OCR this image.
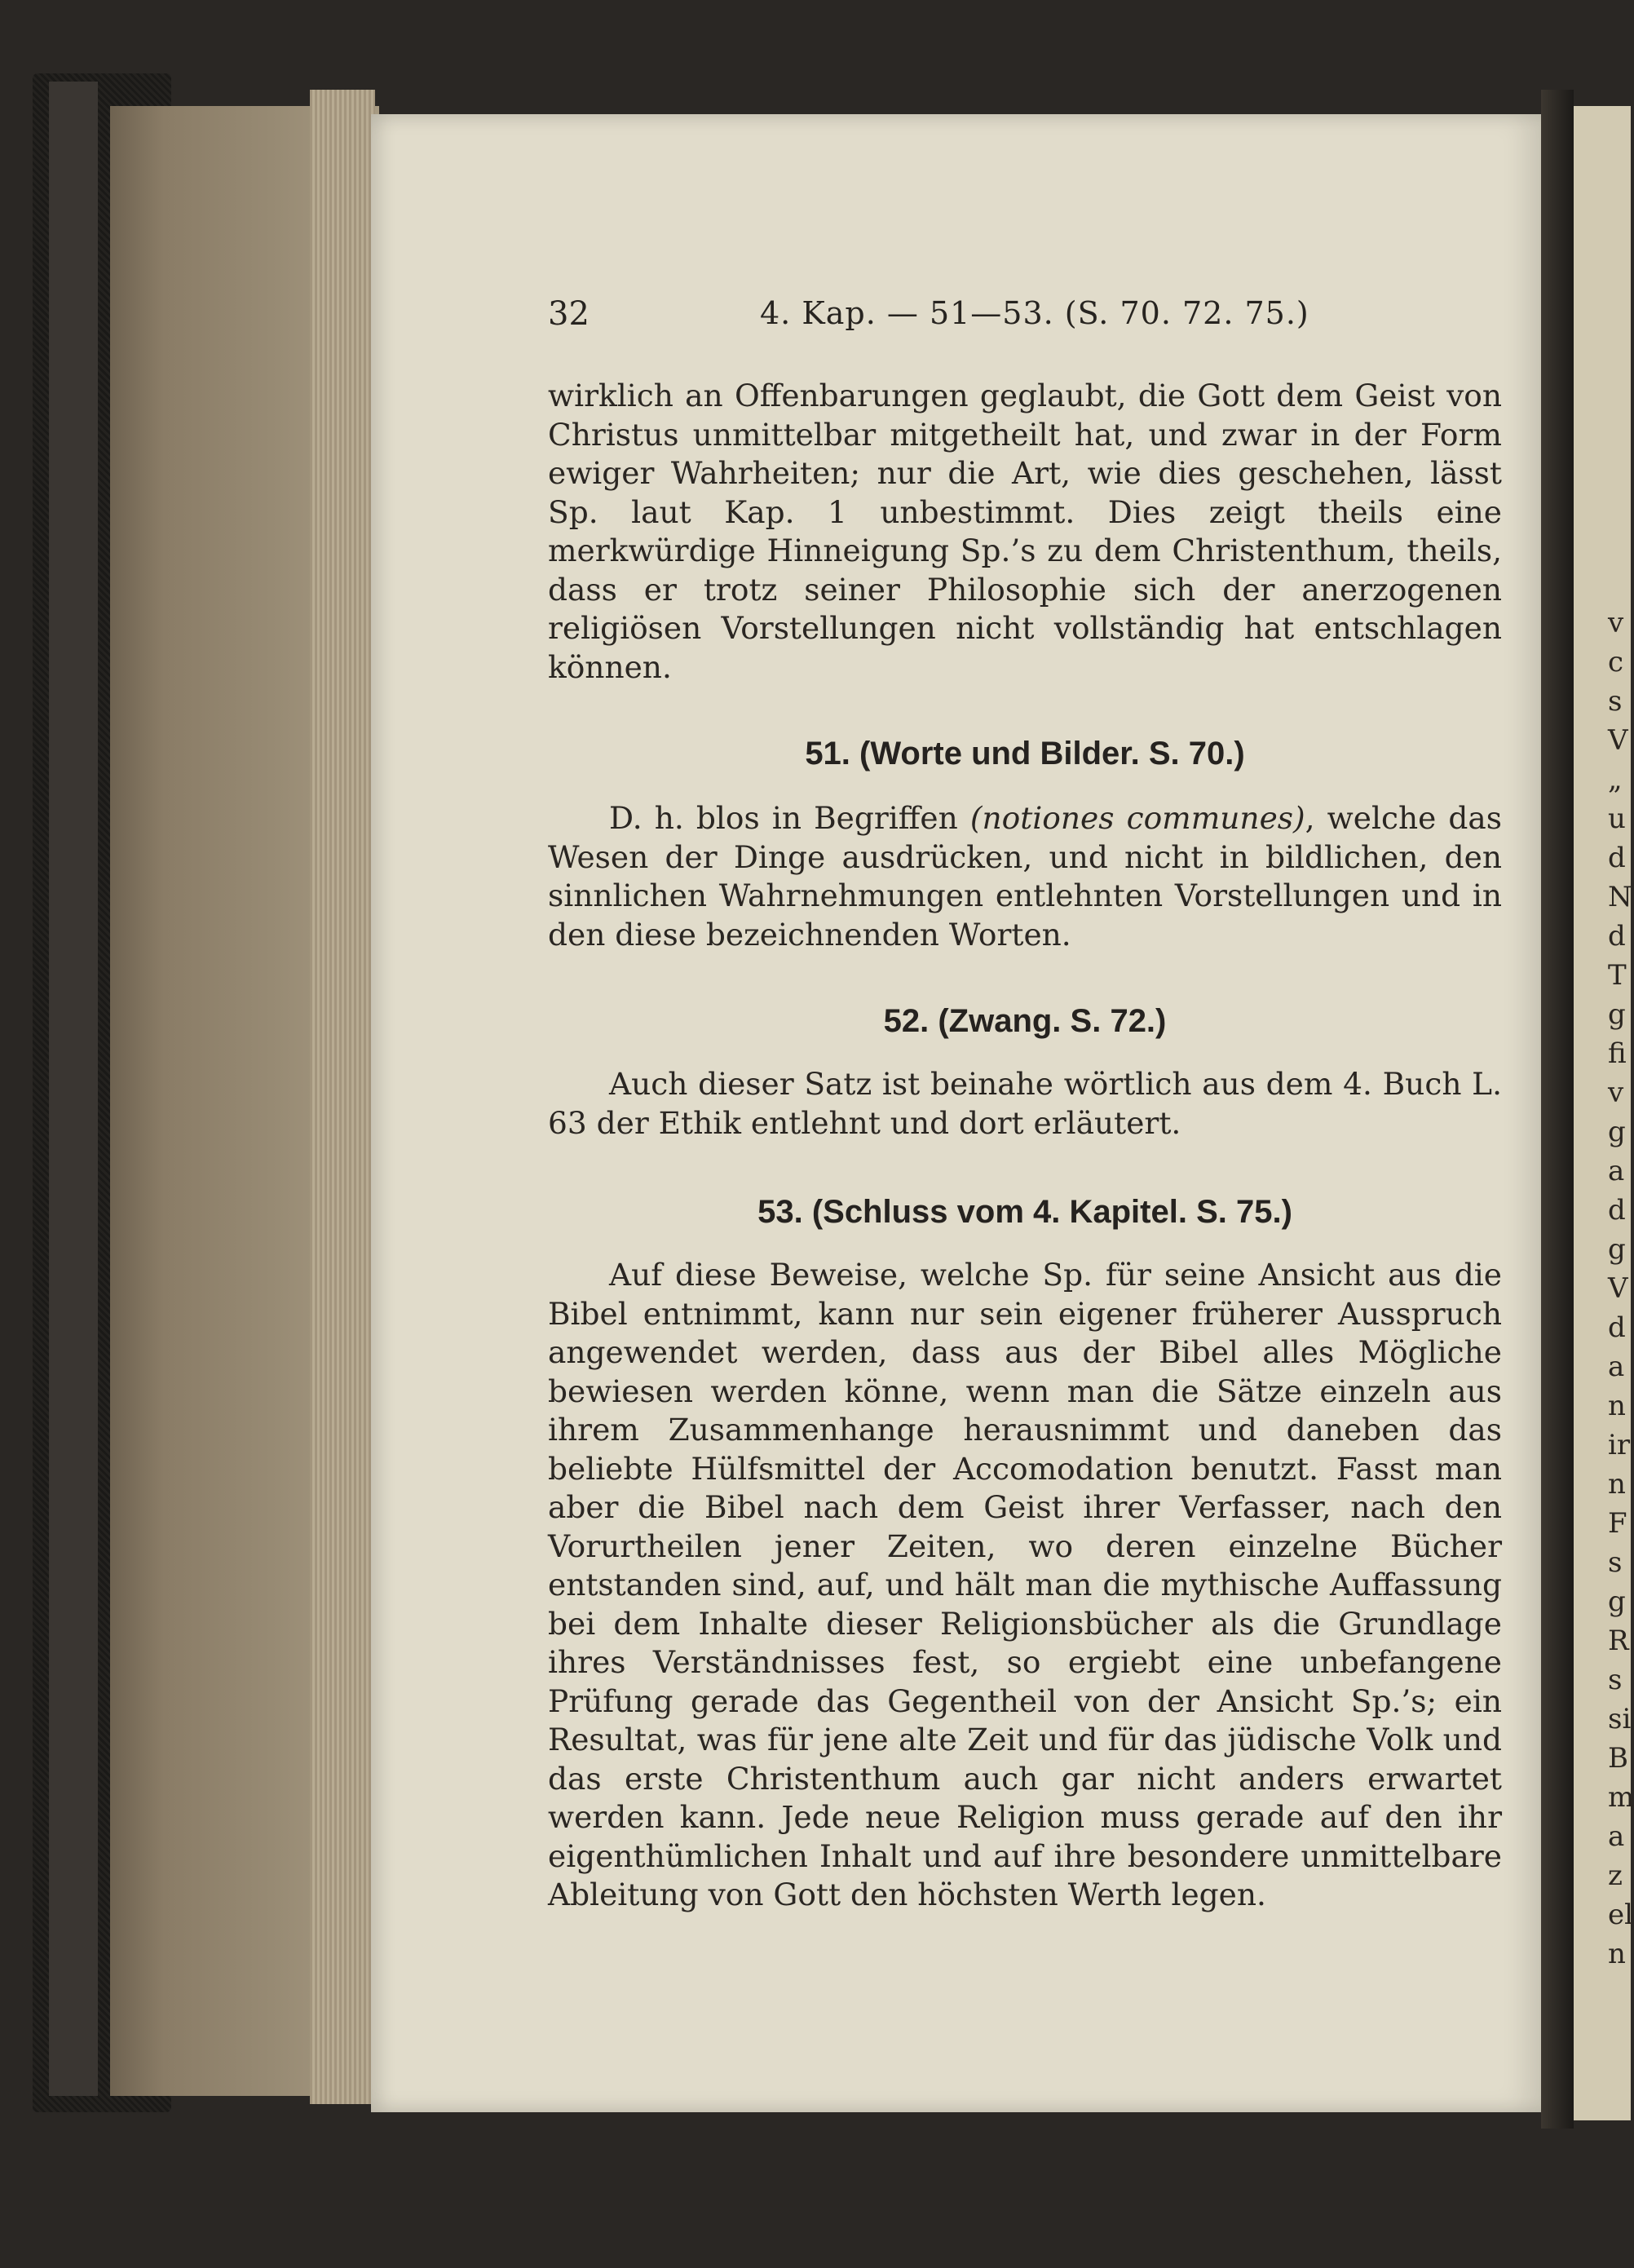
v
c
s
V
„
u
d
N
d
T
g
fi
v
g
a
d
g
V
d
a
n
ir
n
F
s
g
R
s
si
B
m
a
z
el
n
32	4. Kap. — 51—53. (S. 70. 72. 75.)

wirklich an Offenbarungen geglaubt, die Gott dem Geist von Christus unmittelbar mitgetheilt hat, und zwar in der Form ewiger Wahrheiten; nur die Art, wie dies geschehen, lässt Sp. laut Kap. 1 unbestimmt. Dies zeigt theils eine merkwürdige Hinneigung Sp.’s zu dem Christenthum, theils, dass er trotz seiner Philosophie sich der anerzogenen religiösen Vorstellungen nicht vollständig hat entschlagen können.

51. (Worte und Bilder. S. 70.)

D. h. blos in Begriffen (notiones communes), welche das Wesen der Dinge ausdrücken, und nicht in bildlichen, den sinnlichen Wahrnehmungen entlehnten Vorstellungen und in den diese bezeichnenden Worten.

52. (Zwang. S. 72.)

Auch dieser Satz ist beinahe wörtlich aus dem 4. Buch L. 63 der Ethik entlehnt und dort erläutert.

53. (Schluss vom 4. Kapitel. S. 75.)

Auf diese Beweise, welche Sp. für seine Ansicht aus die Bibel entnimmt, kann nur sein eigener früherer Ausspruch angewendet werden, dass aus der Bibel alles Mögliche bewiesen werden könne, wenn man die Sätze einzeln aus ihrem Zusammenhange herausnimmt und daneben das beliebte Hülfsmittel der Accomodation benutzt. Fasst man aber die Bibel nach dem Geist ihrer Verfasser, nach den Vorurtheilen jener Zeiten, wo deren einzelne Bücher entstanden sind, auf, und hält man die mythische Auffassung bei dem Inhalte dieser Religionsbücher als die Grundlage ihres Verständnisses fest, so ergiebt eine unbefangene Prüfung gerade das Gegentheil von der Ansicht Sp.’s; ein Resultat, was für jene alte Zeit und für das jüdische Volk und das erste Christenthum auch gar nicht anders erwartet werden kann. Jede neue Religion muss gerade auf den ihr eigenthümlichen Inhalt und auf ihre besondere unmittelbare Ableitung von Gott den höchsten Werth legen.
